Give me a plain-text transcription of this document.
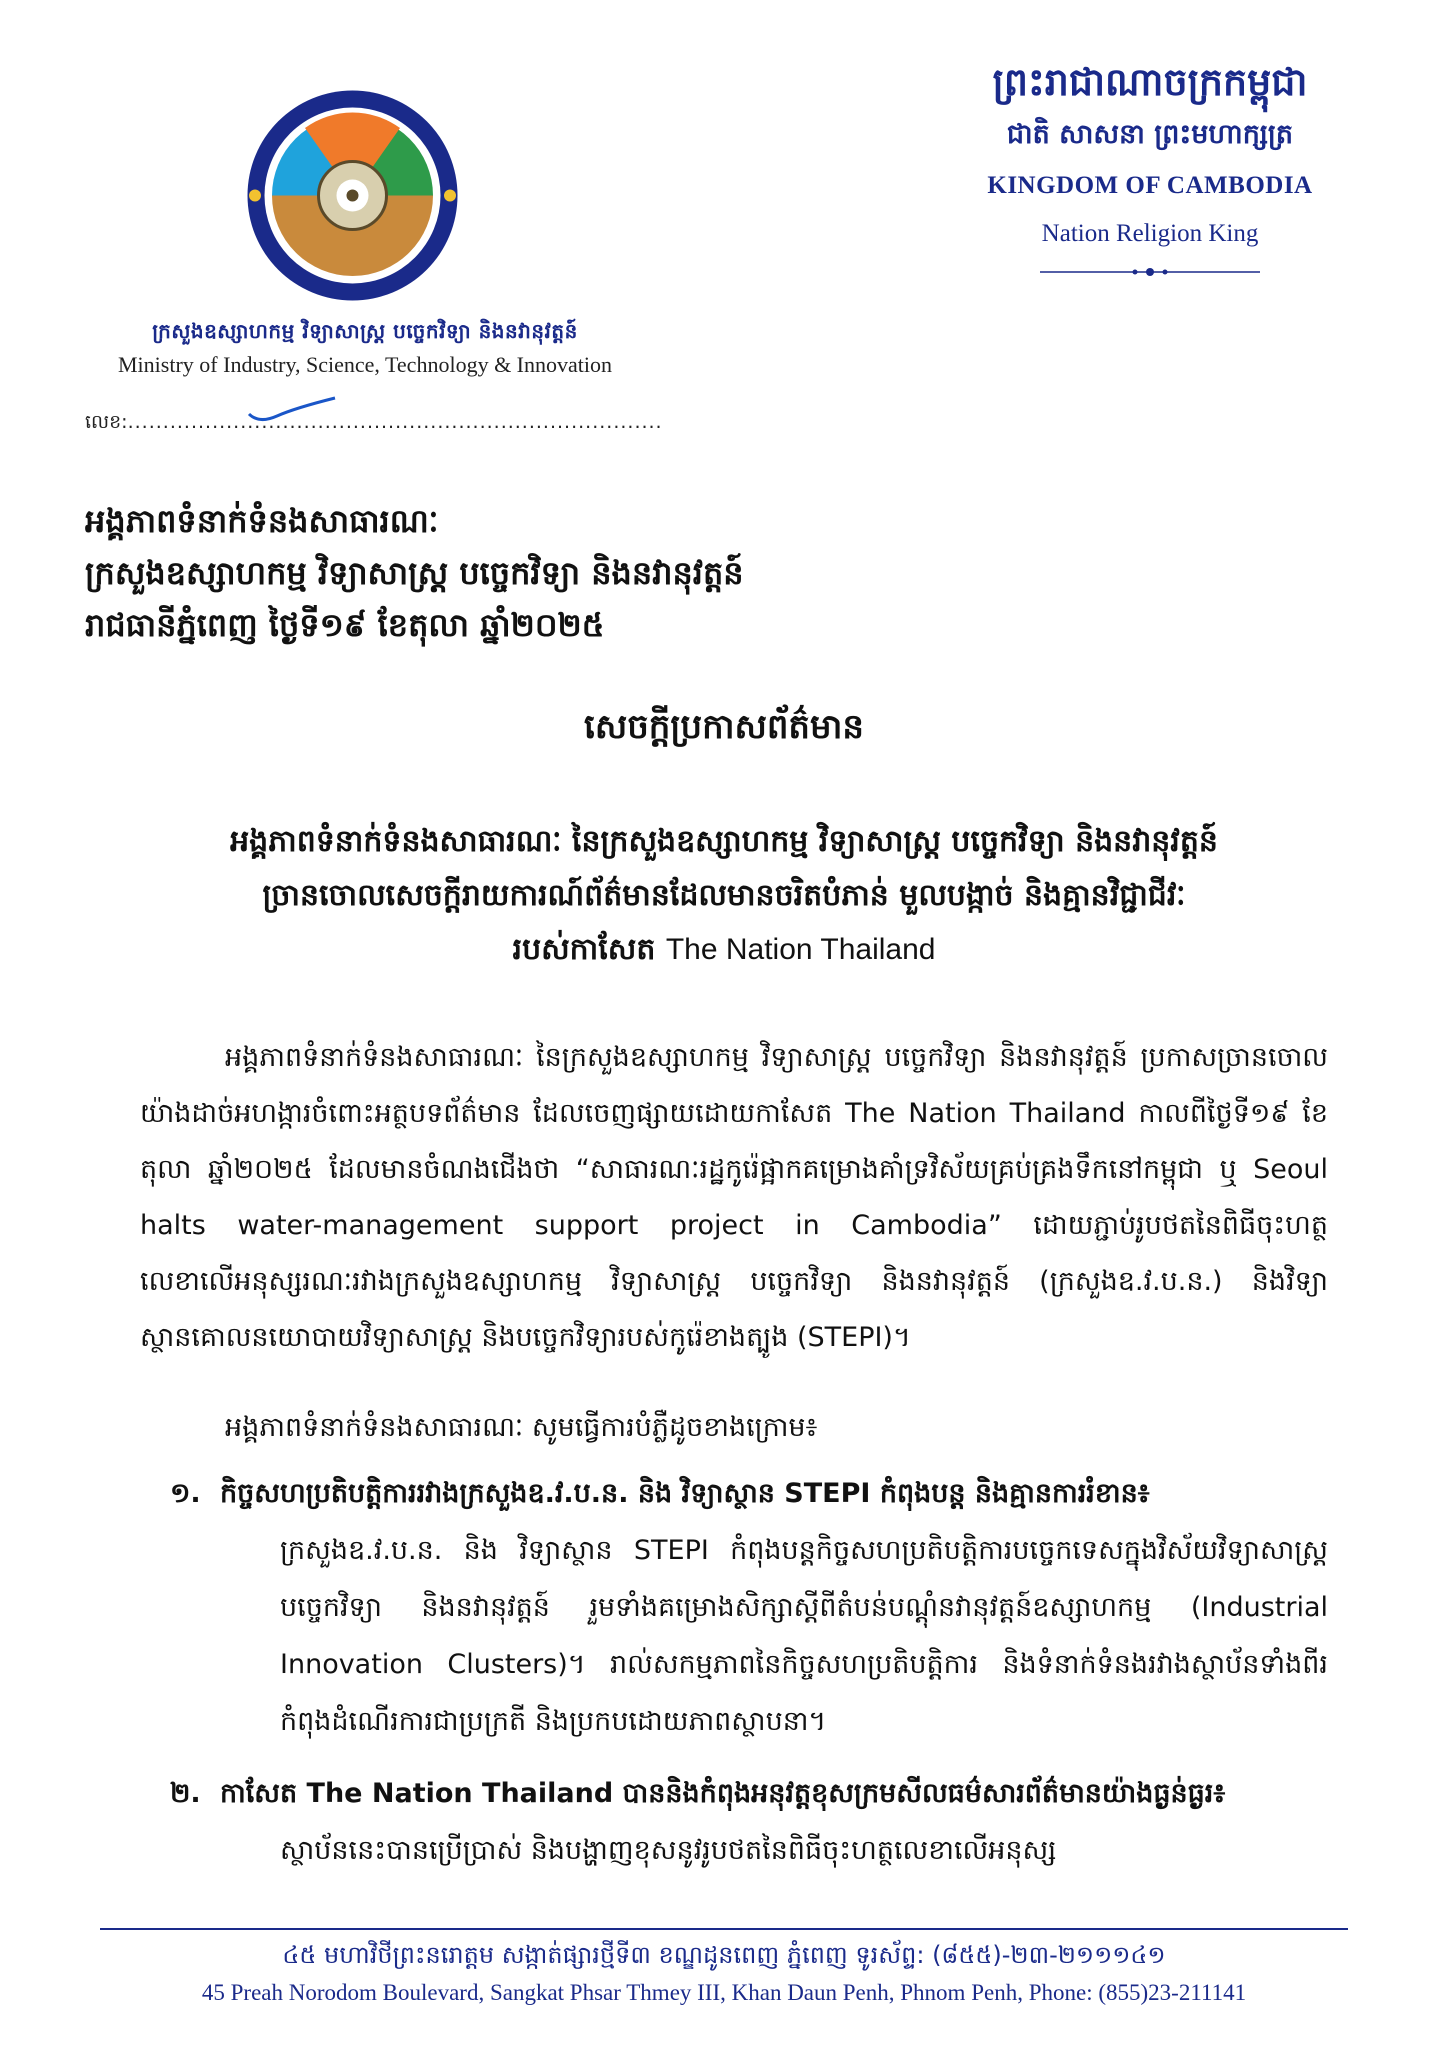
ក្រសួងឧស្សាហកម្ម វិទ្យាសាស្ត្រ បច្ចេកវិទ្យា និងនវានុវត្តន៍
Ministry of Industry, Science, Technology & Innovation
លេខ:............................................................................
ព្រះរាជាណាចក្រកម្ពុជា
ជាតិ សាសនា ព្រះមហាក្សត្រ
KINGDOM OF CAMBODIA
Nation Religion King
អង្គភាពទំនាក់ទំនងសាធារណៈ
ក្រសួងឧស្សាហកម្ម វិទ្យាសាស្ត្រ បច្ចេកវិទ្យា និងនវានុវត្តន៍
រាជធានីភ្នំពេញ ថ្ងៃទី១៩ ខែតុលា ឆ្នាំ២០២៥
សេចក្តីប្រកាសព័ត៌មាន
អង្គភាពទំនាក់ទំនងសាធារណៈ នៃក្រសួងឧស្សាហកម្ម វិទ្យាសាស្ត្រ បច្ចេកវិទ្យា និងនវានុវត្តន៍
ច្រានចោលសេចក្តីរាយការណ៍ព័ត៌មានដែលមានចរិតបំភាន់ មួលបង្កាច់ និងគ្មានវិជ្ជាជីវៈ
របស់កាសែត The Nation Thailand
អង្គភាពទំនាក់ទំនងសាធារណៈ នៃក្រសួងឧស្សាហកម្ម វិទ្យាសាស្ត្រ បច្ចេកវិទ្យា និងនវានុវត្តន៍ ប្រកាសច្រានចោលយ៉ាងដាច់អហង្ការចំពោះអត្ថបទព័ត៌មាន ដែលចេញផ្សាយដោយកាសែត The Nation Thailand កាលពីថ្ងៃទី១៩ ខែតុលា ឆ្នាំ២០២៥ ដែលមានចំណងជើងថា “សាធារណៈរដ្ឋកូរ៉េផ្អាកគម្រោងគាំទ្រវិស័យគ្រប់គ្រងទឹកនៅកម្ពុជា ឬ Seoul halts water-management support project in Cambodia” ដោយភ្ជាប់រូបថតនៃពិធីចុះហត្ថលេខាលើអនុស្សរណៈរវាងក្រសួងឧស្សាហកម្ម វិទ្យាសាស្ត្រ បច្ចេកវិទ្យា និងនវានុវត្តន៍ (ក្រសួងឧ.វ.ប.ន.) និងវិទ្យាស្ថានគោលនយោបាយវិទ្យាសាស្ត្រ និងបច្ចេកវិទ្យារបស់កូរ៉េខាងត្បូង (STEPI)។
អង្គភាពទំនាក់ទំនងសាធារណៈ សូមធ្វើការបំភ្លឺដូចខាងក្រោម៖
១. កិច្ចសហប្រតិបត្តិការរវាងក្រសួងឧ.វ.ប.ន. និង វិទ្យាស្ថាន STEPI កំពុងបន្ត និងគ្មានការរំខាន៖
ក្រសួងឧ.វ.ប.ន. និង វិទ្យាស្ថាន STEPI កំពុងបន្តកិច្ចសហប្រតិបត្តិការបច្ចេកទេសក្នុងវិស័យវិទ្យាសាស្ត្រ បច្ចេកវិទ្យា និងនវានុវត្តន៍ រួមទាំងគម្រោងសិក្សាស្តីពីតំបន់បណ្តុំនវានុវត្តន៍ឧស្សាហកម្ម (Industrial Innovation Clusters)។ រាល់សកម្មភាពនៃកិច្ចសហប្រតិបត្តិការ និងទំនាក់ទំនងរវាងស្ថាប័នទាំងពីរកំពុងដំណើរការជាប្រក្រតី និងប្រកបដោយភាពស្ថាបនា។
២. កាសែត The Nation Thailand បាននិងកំពុងអនុវត្តខុសក្រមសីលធម៌សារព័ត៌មានយ៉ាងធ្ងន់ធ្ងរ៖
ស្ថាប័ននេះបានប្រើប្រាស់ និងបង្ហាញខុសនូវរូបថតនៃពិធីចុះហត្ថលេខាលើអនុស្ស
៤៥ មហាវិថីព្រះនរោត្តម សង្កាត់ផ្សារថ្មីទី៣ ខណ្ឌដូនពេញ ភ្នំពេញ ទូរស័ព្ទ: (៨៥៥)-២៣-២១១១៤១
45 Preah Norodom Boulevard, Sangkat Phsar Thmey III, Khan Daun Penh, Phnom Penh, Phone: (855)23-211141
